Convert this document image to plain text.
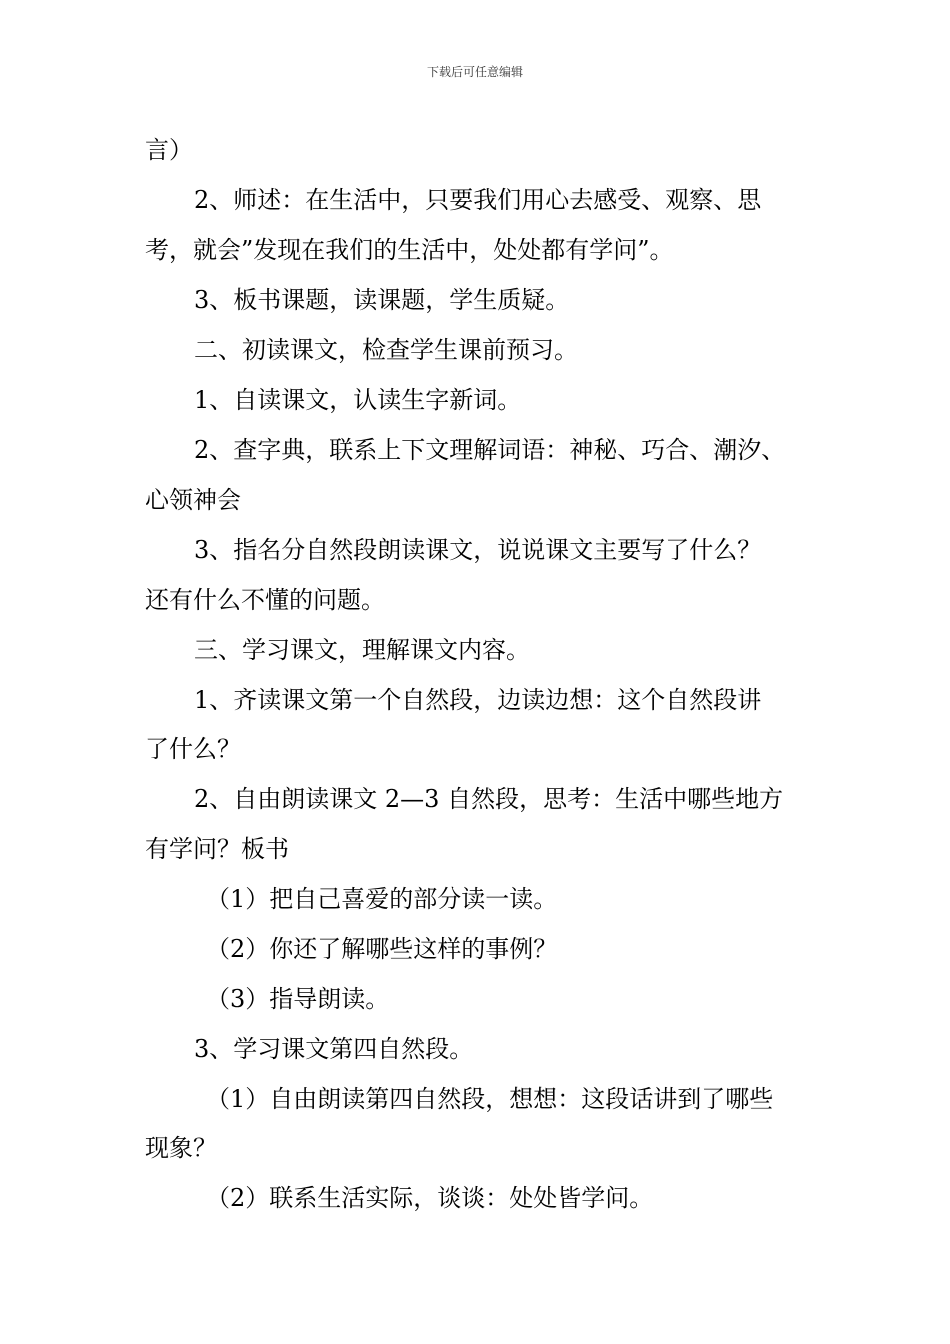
下载后可任意编辑
言）
2、师述：在生活中，只要我们用心去感受、观察、思
考，就会”发现在我们的生活中，处处都有学问”。
3、板书课题，读课题，学生质疑。
二、初读课文，检查学生课前预习。
1、自读课文，认读生字新词。
2、查字典，联系上下文理解词语：神秘、巧合、潮汐、
心领神会
3、指名分自然段朗读课文，说说课文主要写了什么？
还有什么不懂的问题。
三、学习课文，理解课文内容。
1、齐读课文第一个自然段，边读边想：这个自然段讲
了什么？
2、自由朗读课文 2—3 自然段，思考：生活中哪些地方
有学问？板书
（1）把自己喜爱的部分读一读。
（2）你还了解哪些这样的事例？
（3）指导朗读。
3、学习课文第四自然段。
（1）自由朗读第四自然段，想想：这段话讲到了哪些
现象？
（2）联系生活实际，谈谈：处处皆学问。
